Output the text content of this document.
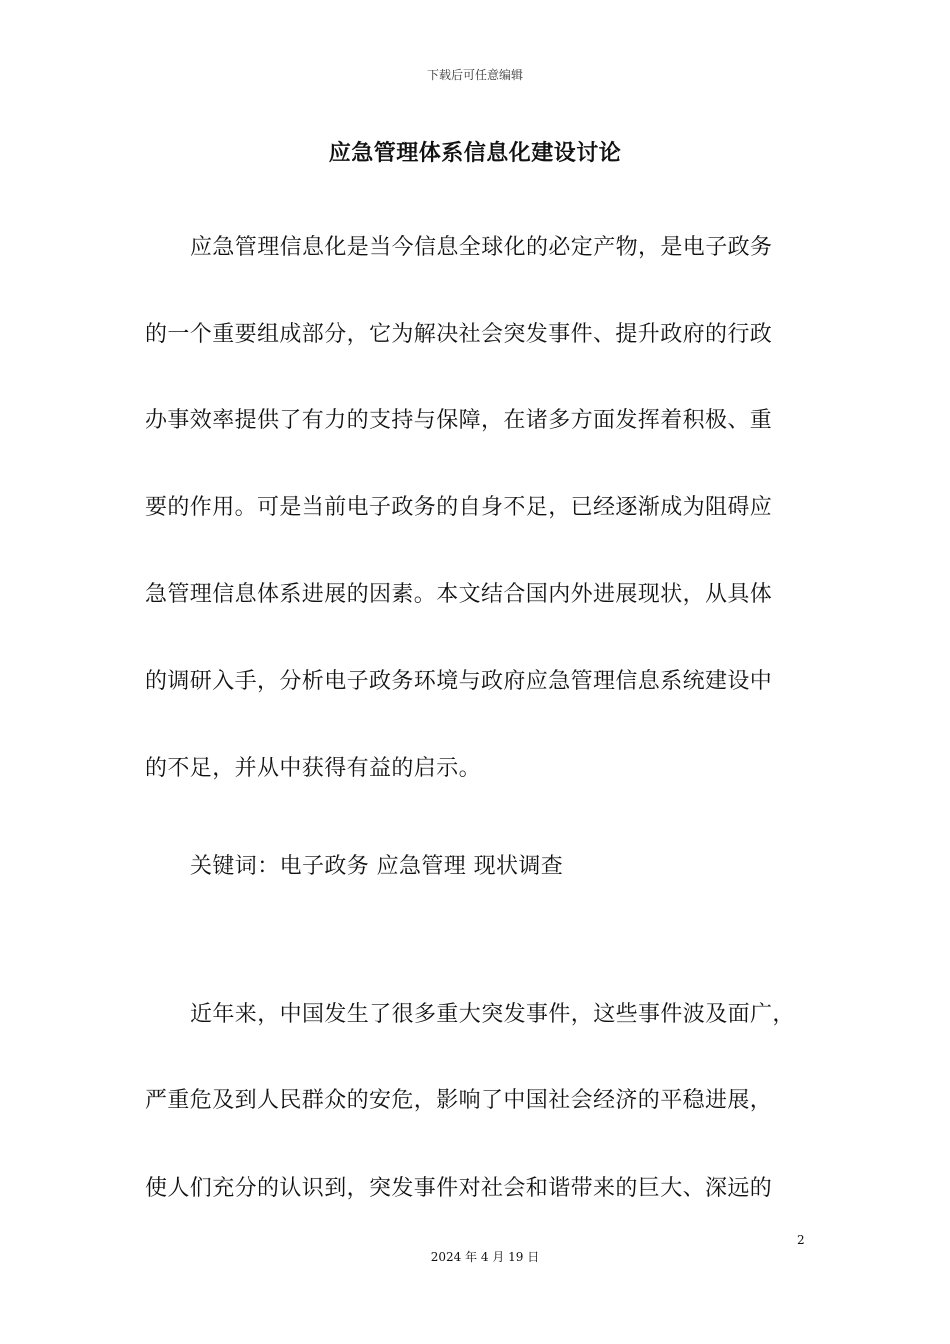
下载后可任意编辑
应急管理体系信息化建设讨论
应急管理信息化是当今信息全球化的必定产物，是电子政务
的一个重要组成部分，它为解决社会突发事件、提升政府的行政
办事效率提供了有力的支持与保障，在诸多方面发挥着积极、重
要的作用。可是当前电子政务的自身不足，已经逐渐成为阻碍应
急管理信息体系进展的因素。本文结合国内外进展现状，从具体
的调研入手，分析电子政务环境与政府应急管理信息系统建设中
的不足，并从中获得有益的启示。
关键词：电子政务 应急管理 现状调查
近年来，中国发生了很多重大突发事件，这些事件波及面广，
严重危及到人民群众的安危，影响了中国社会经济的平稳进展，
使人们充分的认识到，突发事件对社会和谐带来的巨大、深远的
2
2024 年 4 月 19 日
